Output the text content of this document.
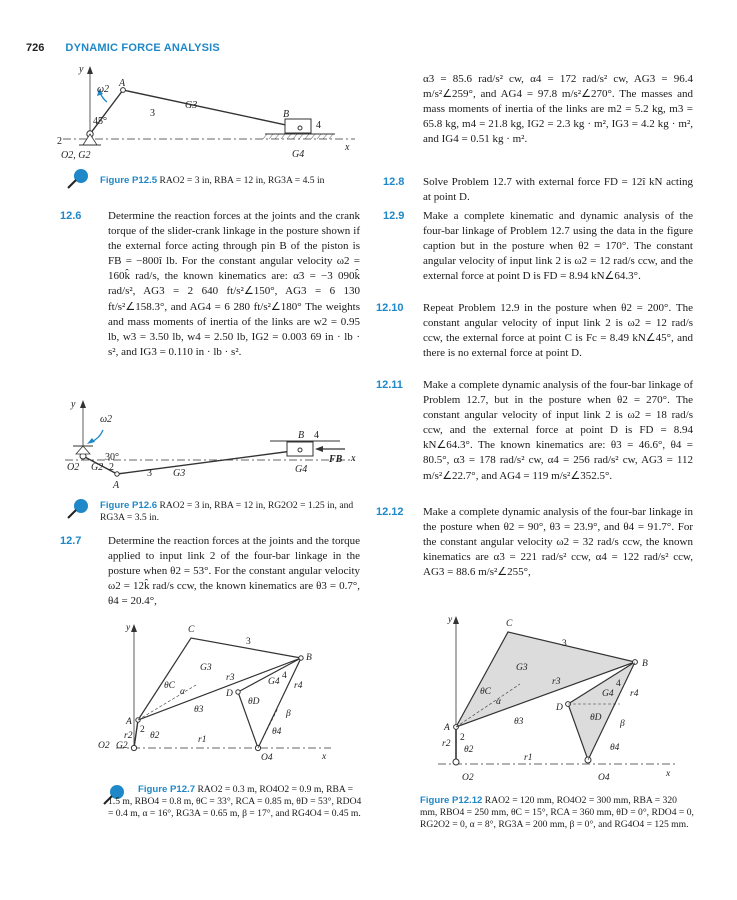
726 DYNAMIC FORCE ANALYSIS
y
ω2
A
G3
3
45°
B
4
2
O2, G2	G4
x
Figure P12.5 RAO2 = 3 in, RBA = 12 in, RG3A = 4.5 in
12.6 Determine the reaction forces at the joints and the crank torque of the slider-crank linkage in the posture shown if the external force acting through pin B of the piston is FB = −800î lb. For the constant angular velocity ω2 = 160k̂ rad/s, the known kinematics are: α3 = −3 090k̂ rad/s², AG3 = 2 640 ft/s²∠150°, AG3 = 6 130 ft/s²∠158.3°, and AG4 = 6 280 ft/s²∠180° The weights and mass moments of inertia of the links are w2 = 0.95 lb, w3 = 3.50 lb, w4 = 2.50 lb, IG2 = 0.003 69 in · lb · s², and IG3 = 0.110 in · lb · s².
y
ω2
B 4
30°	FB x
O2 G2 2
A
3 G3	G4
Figure P12.6 RAO2 = 3 in, RBA = 12 in, RG2O2 = 1.25 in, and RG3A = 3.5 in.
12.7 Determine the reaction forces at the joints and the torque applied to input link 2 of the four-bar linkage in the posture when θ2 = 53°. For the constant angular velocity ω2 = 12k̂ rad/s ccw, the known kinematics are θ3 = 0.7°, θ4 = 20.4°,
y	C
3
B
G3
θC
α
r3	G4
4
r4
D
θ3
θD
β
A
2
r2 θ2	r1
θ4
O2 G2
O4	x
Figure P12.7 RAO2 = 0.3 m, RO4O2 = 0.9 m, RBA = 1.5 m, RBO4 = 0.8 m, θC = 33°, RCA = 0.85 m, θD = 53°, RDO4 = 0.4 m, α = 16°, RG3A = 0.65 m, β = 17°, and RG4O4 = 0.45 m.
α3 = 85.6 rad/s² cw, α4 = 172 rad/s² cw, AG3 = 96.4 m/s²∠259°, and AG4 = 97.8 m/s²∠270°. The masses and mass moments of inertia of the links are m2 = 5.2 kg, m3 = 65.8 kg, m4 = 21.8 kg, IG2 = 2.3 kg · m², IG3 = 4.2 kg · m², and IG4 = 0.51 kg · m².
12.8 Solve Problem 12.7 with external force FD = 12î kN acting at point D.
12.9 Make a complete kinematic and dynamic analysis of the four-bar linkage of Problem 12.7 using the data in the figure caption but in the posture when θ2 = 170°. The constant angular velocity of input link 2 is ω2 = 12 rad/s ccw, and the external force at point D is FD = 8.94 kN∠64.3°.
12.10 Repeat Problem 12.9 in the posture when θ2 = 200°. The constant angular velocity of input link 2 is ω2 = 12 rad/s ccw, the external force at point C is Fc = 8.49 kN∠45°, and there is no external force at point D.
12.11 Make a complete dynamic analysis of the four-bar linkage of Problem 12.7, but in the posture when θ2 = 270°. The constant angular velocity of input link 2 is ω2 = 18 rad/s ccw, and the external force at point D is FD = 8.94 kN∠64.3°. The known kinematics are: θ3 = 46.6°, θ4 = 80.5°, α3 = 178 rad/s² cw, α4 = 256 rad/s² cw, AG3 = 112 m/s²∠22.7°, and AG4 = 119 m/s²∠352.5°.
12.12 Make a complete dynamic analysis of the four-bar linkage in the posture when θ2 = 90°, θ3 = 23.9°, and θ4 = 91.7°. For the constant angular velocity ω2 = 32 rad/s ccw, the known kinematics are α3 = 221 rad/s² ccw, α4 = 122 rad/s² ccw, AG3 = 88.6 m/s²∠255°,
y	C
3
B
G3
θC
α
r3	4
G4 r4
D
θ3	θD
β
A
2
r2
θ2
r1
θ4
O2	O4	x
Figure P12.12 RAO2 = 120 mm, RO4O2 = 300 mm, RBA = 320 mm, RBO4 = 250 mm, θC = 15°, RCA = 360 mm, θD = 0°, RDO4 = 0, RG2O2 = 0, α = 8°, RG3A = 200 mm, β = 0°, and RG4O4 = 125 mm.
